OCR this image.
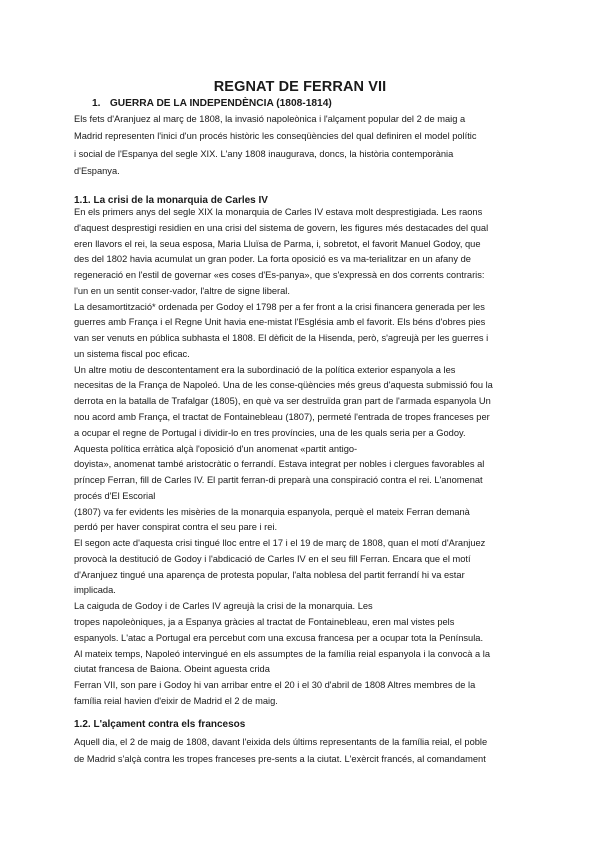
REGNAT DE FERRAN VII
1. GUERRA DE LA INDEPENDÈNCIA (1808-1814)
Els fets d'Aranjuez al març de 1808, la invasió napoleònica i l'alçament popular del 2 de maig a
Madrid representen l'inici d'un procés històric les conseqüències del qual definiren el model polític
i social de l'Espanya del segle XIX. L'any 1808 inaugurava, doncs, la història contemporània
d'Espanya.
1.1. La crisi de la monarquia de Carles IV
En els primers anys del segle XIX la monarquia de Carles IV estava molt desprestigiada. Les raons
d'aquest desprestigi residien en una crisi del sistema de govern, les figures més destacades del qual
eren llavors el rei, la seua esposa, Maria Lluïsa de Parma, i, sobretot, el favorit Manuel Godoy, que
des del 1802 havia acumulat un gran poder. La forta oposició es va ma-terialitzar en un afany de
regeneració en l'estil de governar «es coses d'Es-panya», que s'expressà en dos corrents contraris:
l'un en un sentit conser-vador, l'altre de signe liberal.
La desamortització* ordenada per Godoy el 1798 per a fer front a la crisi financera generada per les
guerres amb França i el Regne Unit havia ene-mistat l'Església amb el favorit. Els béns d'obres pies
van ser venuts en pública subhasta el 1808. El dèficit de la Hisenda, però, s'agreujà per les guerres i
un sistema fiscal poc eficac.
Un altre motiu de descontentament era la subordinació de la política exterior espanyola a les
necesitas de la França de Napoleó. Una de les conse-qüències més greus d'aquesta submissió fou la
derrota en la batalla de Trafalgar (1805), en què va ser destruïda gran part de l'armada espanyola Un
nou acord amb França, el tractat de Fontainebleau (1807), permeté l'entrada de tropes franceses per
a ocupar el regne de Portugal i dividir-lo en tres províncies, una de les quals seria per a Godoy.
Aquesta política erràtica alçà l'oposició d'un anomenat «partit antigo-
doyista», anomenat també aristocràtic o ferrandí. Estava integrat per nobles i clergues favorables al
príncep Ferran, fill de Carles IV. El partit ferran-di preparà una conspiració contra el rei. L'anomenat
procés d'El Escorial
(1807) va fer evidents les misèries de la monarquia espanyola, perquè el mateix Ferran demanà
perdó per haver conspirat contra el seu pare i rei.
El segon acte d'aquesta crisi tingué lloc entre el 17 i el 19 de març de 1808, quan el motí d'Aranjuez
provocà la destitució de Godoy i l'abdicació de Carles IV en el seu fill Ferran. Encara que el motí
d'Aranjuez tingué una aparença de protesta popular, l'alta noblesa del partit ferrandí hi va estar
implicada.
La caiguda de Godoy i de Carles IV agreujà la crisi de la monarquia. Les
tropes napoleòniques, ja a Espanya gràcies al tractat de Fontainebleau, eren mal vistes pels
espanyols. L'atac a Portugal era percebut com una excusa francesa per a ocupar tota la Península.
Al mateix temps, Napoleó intervingué en els assumptes de la família reial espanyola i la convocà a la
ciutat francesa de Baiona. Obeint aguesta crida
Ferran VII, son pare i Godoy hi van arribar entre el 20 i el 30 d'abril de 1808 Altres membres de la
família reial havien d'eixir de Madrid el 2 de maig.
1.2. L'alçament contra els francesos
Aquell dia, el 2 de maig de 1808, davant l'eixida dels últims representants de la família reial, el poble
de Madrid s'alçà contra les tropes franceses pre-sents a la ciutat. L'exèrcit francés, al comandament
